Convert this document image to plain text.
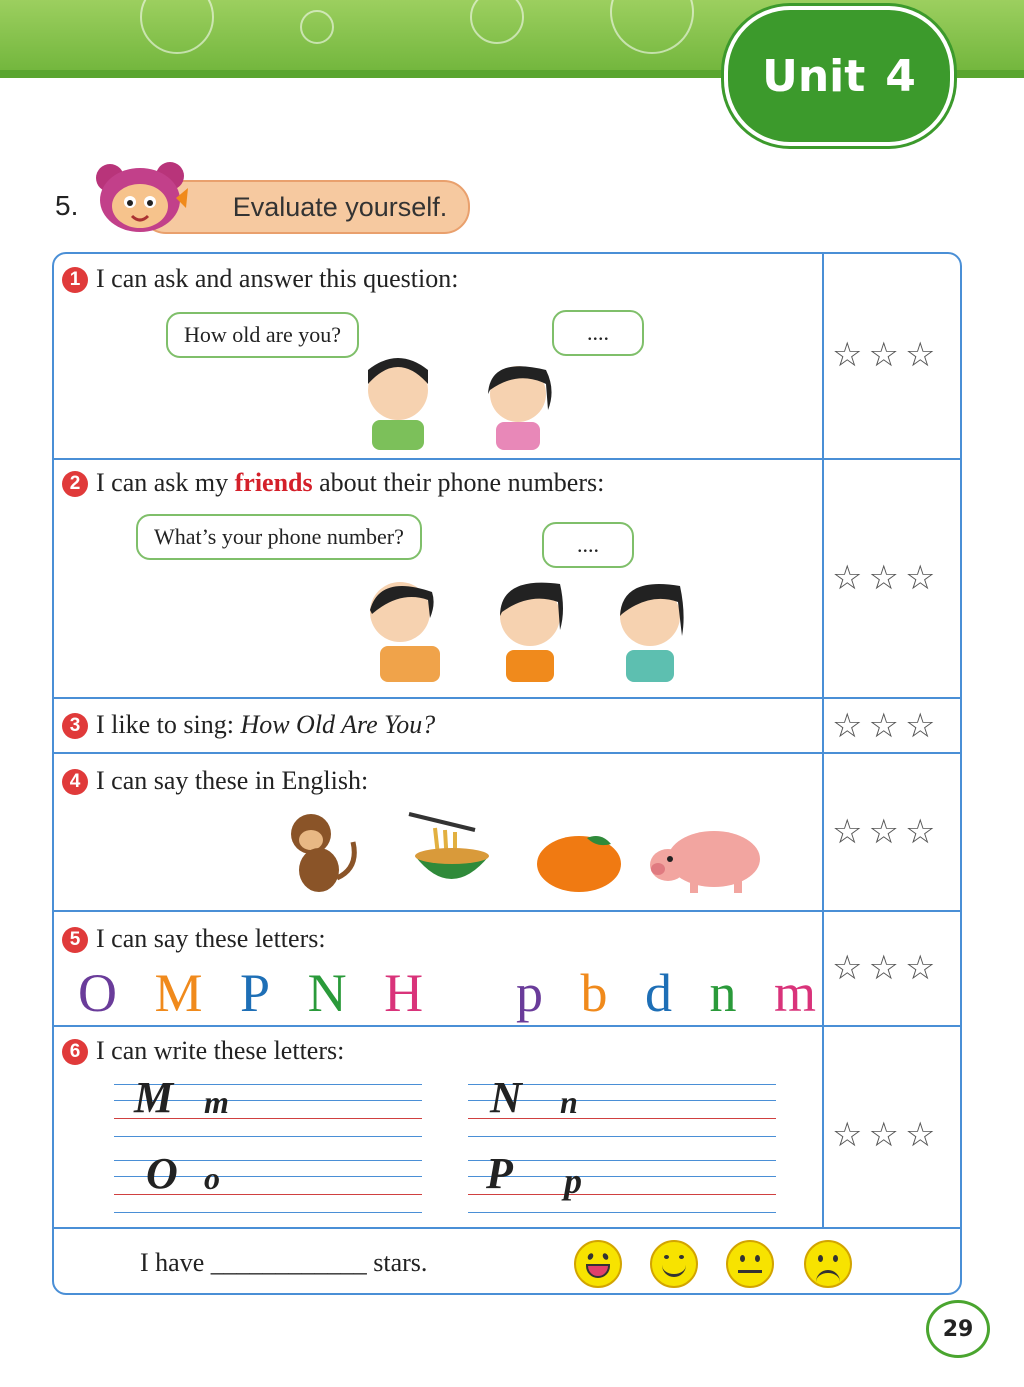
Unit 4
5.	Evaluate yourself.
1 I can ask and answer this question:
How old are you?	....
☆☆☆
2 I can ask my friends about their phone numbers:
What’s your phone number?	....
☆☆☆
3 I like to sing: How Old Are You?	☆☆☆
4 I can say these in English:
☆☆☆
5 I can say these letters:
O M P N H	p b d n m ☆☆☆
6 I can write these letters:
M m	N n
O o	P p
☆☆☆
I have ____________ stars.
29
